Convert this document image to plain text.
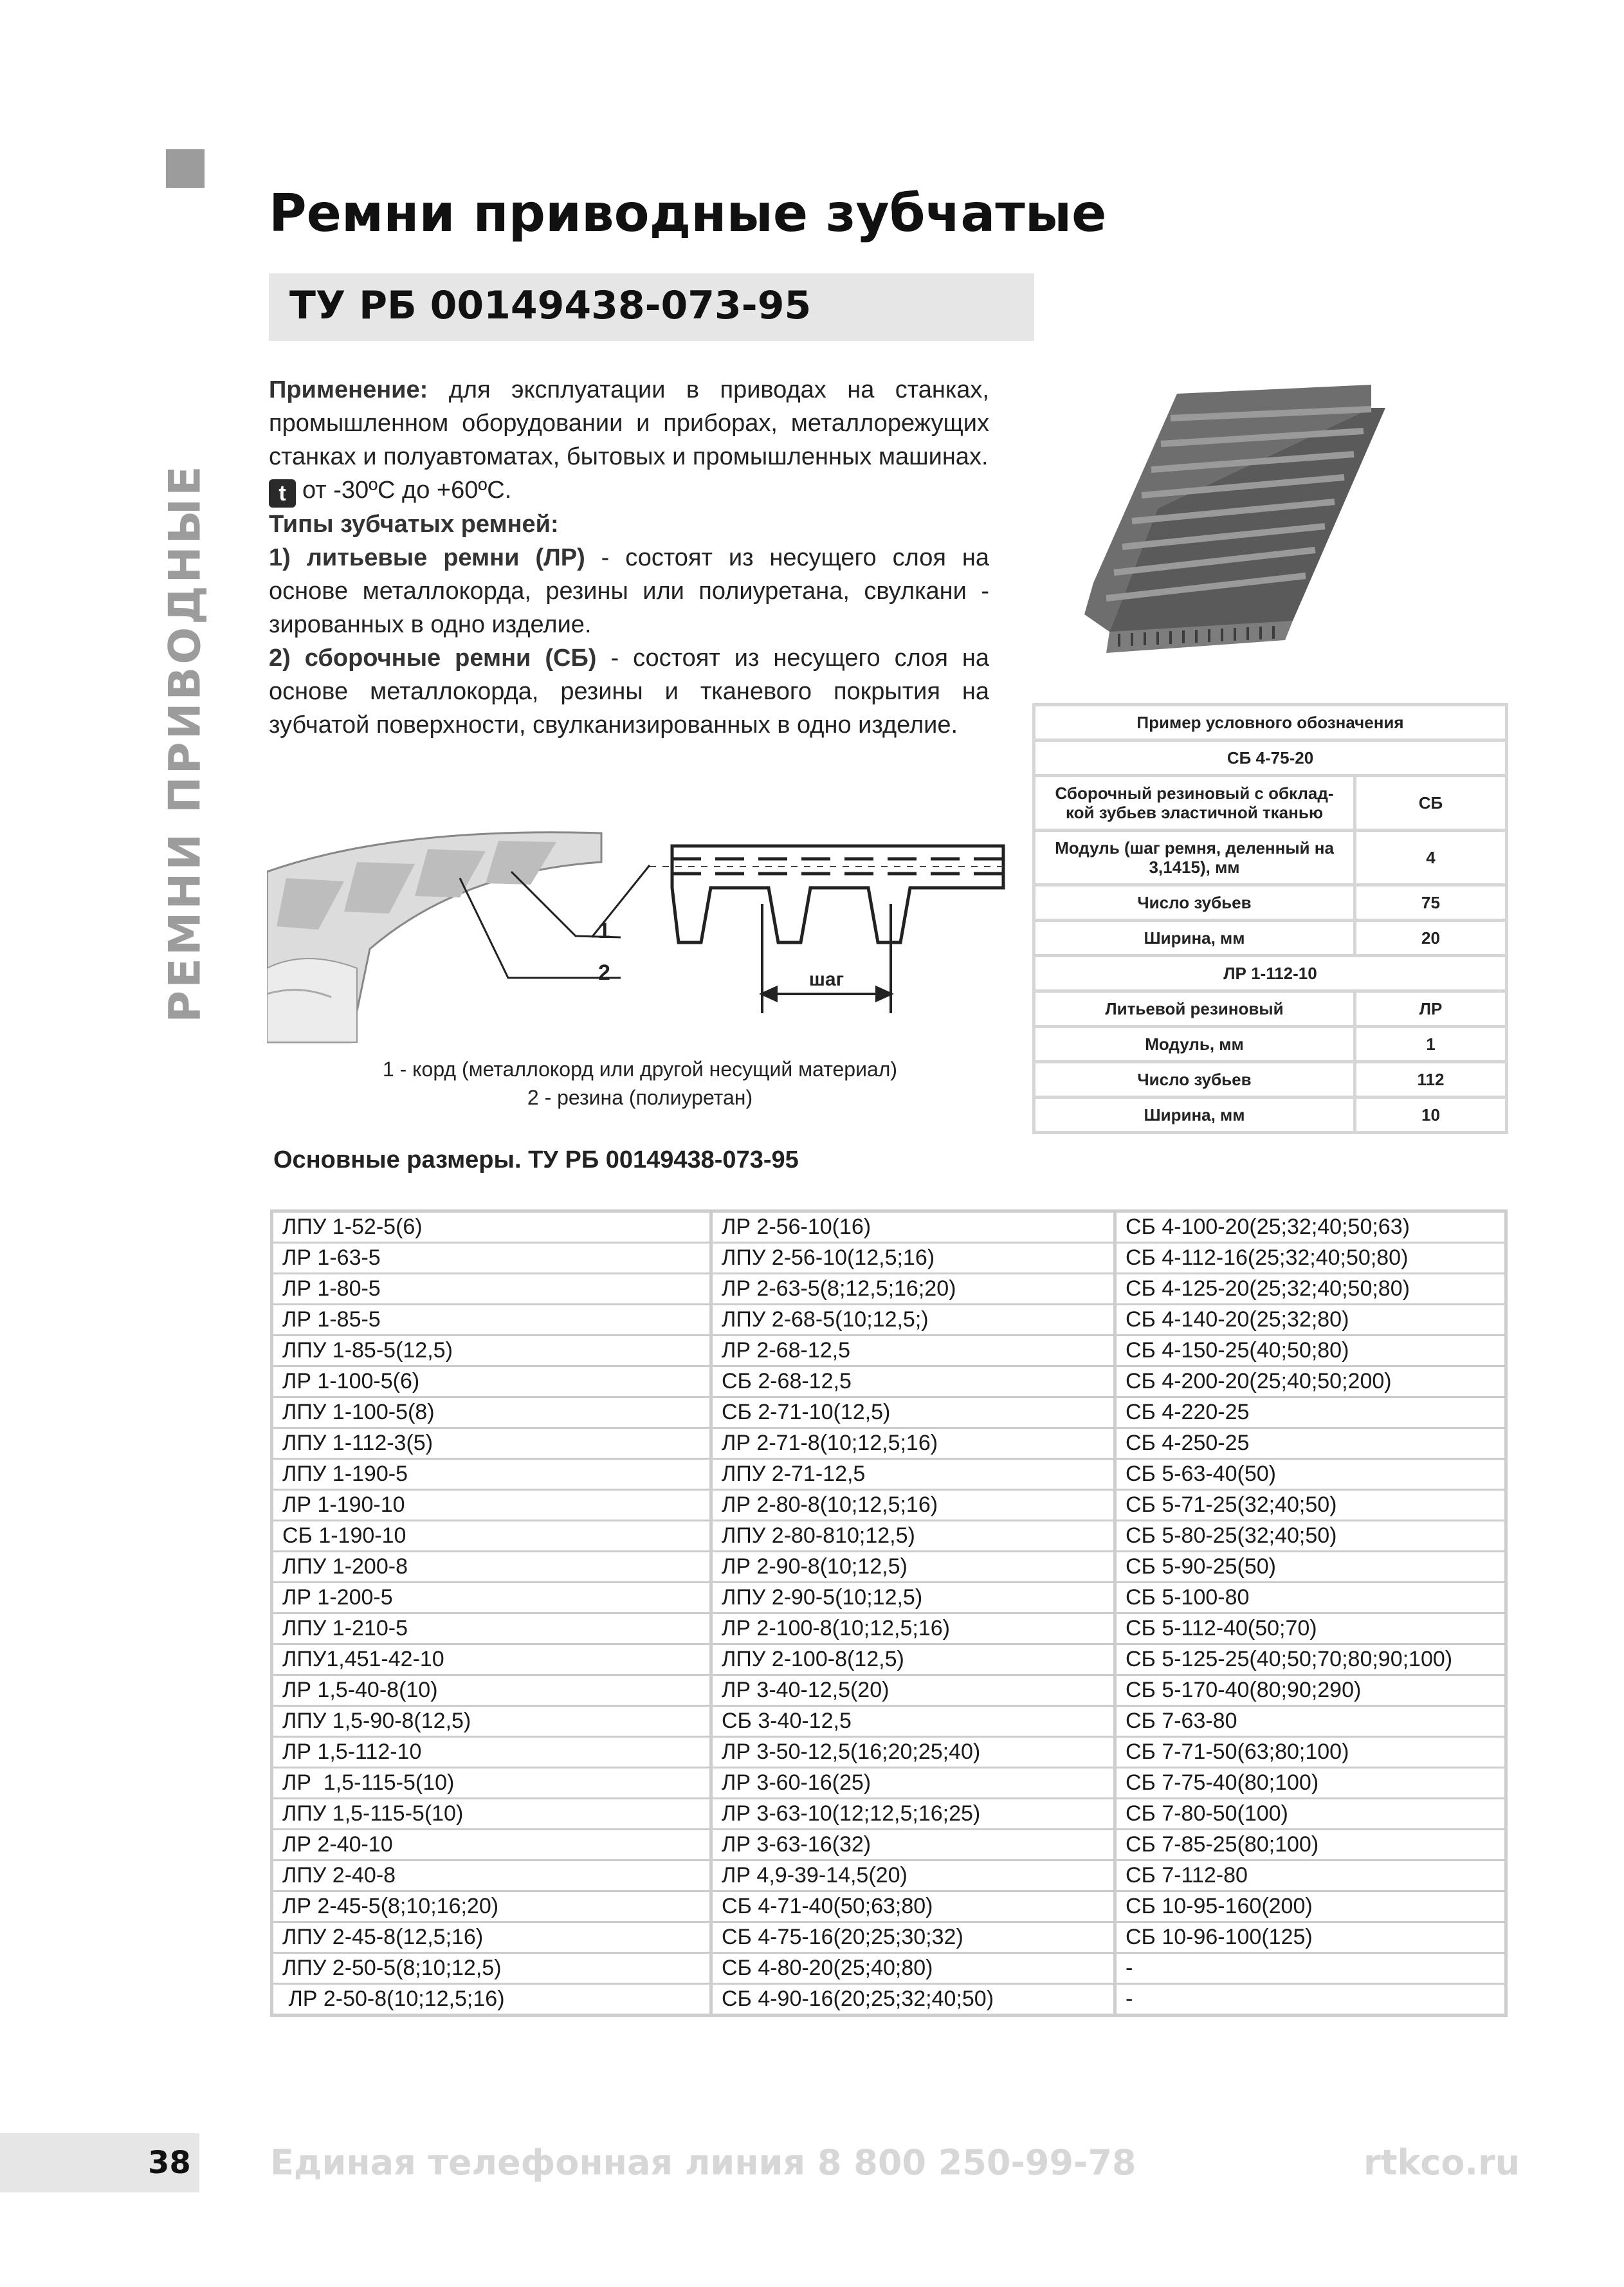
РЕМНИ ПРИВОДНЫЕ
Ремни приводные зубчатые
ТУ РБ 00149438-073-95

Применение: для эксплуатации в приводах на станках, промышленном оборудовании и приборах, металлорежущих станках и полуавтоматах, бытовых и промышленных машинах.

t от -30ºС до +60ºС.

Типы зубчатых ремней:

1) литьевые ремни (ЛР) - состоят из несущего слоя на основе металлокорда, резины или полиуретана, свулкани - зированных в одно изделие.

2) сборочные ремни (СБ) - состоят из несущего слоя на основе металлокорда, резины и тканевого покрытия на зубчатой поверхности, свулканизированных в одно изделие.

1
2	шаг
1 - корд (металлокорд или другой несущий материал)
2 - резина (полиуретан)
Пример условного обозначения	
СБ 4-75-20	
Сборочный резиновый с обклад- кой зубьев эластичной тканью	СБ
Модуль (шаг ремня, деленный на 3,1415), мм	4
Число зубьев	75
Ширина, мм	20
ЛР 1-112-10	
Литьевой резиновый	ЛР
Модуль, мм	1
Число зубьев	112
Ширина, мм	10
Основные размеры. ТУ РБ 00149438-073-95
ЛПУ 1-52-5(6)	ЛР 2-56-10(16)	СБ 4-100-20(25;32;40;50;63)
ЛР 1-63-5	ЛПУ 2-56-10(12,5;16)	СБ 4-112-16(25;32;40;50;80)
ЛР 1-80-5	ЛР 2-63-5(8;12,5;16;20)	СБ 4-125-20(25;32;40;50;80)
ЛР 1-85-5	ЛПУ 2-68-5(10;12,5;)	СБ 4-140-20(25;32;80)
ЛПУ 1-85-5(12,5)	ЛР 2-68-12,5	СБ 4-150-25(40;50;80)
ЛР 1-100-5(6)	СБ 2-68-12,5	СБ 4-200-20(25;40;50;200)
ЛПУ 1-100-5(8)	СБ 2-71-10(12,5)	СБ 4-220-25
ЛПУ 1-112-3(5)	ЛР 2-71-8(10;12,5;16)	СБ 4-250-25
ЛПУ 1-190-5	ЛПУ 2-71-12,5	СБ 5-63-40(50)
ЛР 1-190-10	ЛР 2-80-8(10;12,5;16)	СБ 5-71-25(32;40;50)
СБ 1-190-10	ЛПУ 2-80-810;12,5)	СБ 5-80-25(32;40;50)
ЛПУ 1-200-8	ЛР 2-90-8(10;12,5)	СБ 5-90-25(50)
ЛР 1-200-5	ЛПУ 2-90-5(10;12,5)	СБ 5-100-80
ЛПУ 1-210-5	ЛР 2-100-8(10;12,5;16)	СБ 5-112-40(50;70)
ЛПУ1,451-42-10	ЛПУ 2-100-8(12,5)	СБ 5-125-25(40;50;70;80;90;100)
ЛР 1,5-40-8(10)	ЛР 3-40-12,5(20)	СБ 5-170-40(80;90;290)
ЛПУ 1,5-90-8(12,5)	СБ 3-40-12,5	СБ 7-63-80
ЛР 1,5-112-10	ЛР 3-50-12,5(16;20;25;40)	СБ 7-71-50(63;80;100)
ЛР  1,5-115-5(10)	ЛР 3-60-16(25)	СБ 7-75-40(80;100)
ЛПУ 1,5-115-5(10)	ЛР 3-63-10(12;12,5;16;25)	СБ 7-80-50(100)
ЛР 2-40-10	ЛР 3-63-16(32)	СБ 7-85-25(80;100)
ЛПУ 2-40-8	ЛР 4,9-39-14,5(20)	СБ 7-112-80
ЛР 2-45-5(8;10;16;20)	СБ 4-71-40(50;63;80)	СБ 10-95-160(200)
ЛПУ 2-45-8(12,5;16)	СБ 4-75-16(20;25;30;32)	СБ 10-96-100(125)
ЛПУ 2-50-5(8;10;12,5)	СБ 4-80-20(25;40;80)	-
ЛР 2-50-8(10;12,5;16)	СБ 4-90-16(20;25;32;40;50)	-
38 Единая телефонная линия 8 800 250-99-78	rtkco.ru
